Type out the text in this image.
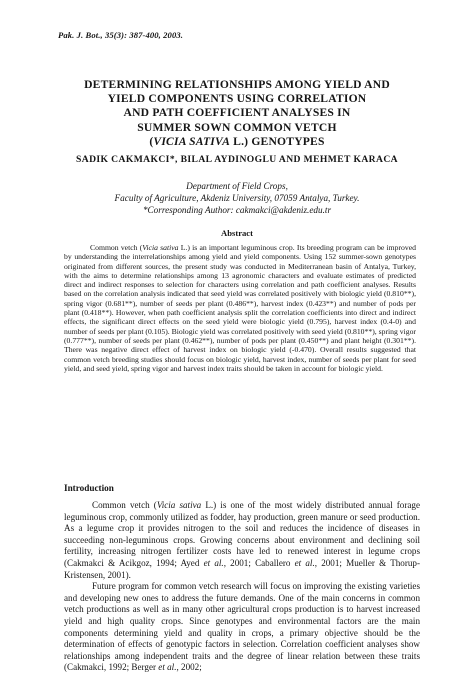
Pak. J. Bot., 35(3): 387-400, 2003.
DETERMINING RELATIONSHIPS AMONG YIELD AND
YIELD COMPONENTS USING CORRELATION
AND PATH COEFFICIENT ANALYSES IN
SUMMER SOWN COMMON VETCH
(VICIA SATIVA L.) GENOTYPES
SADIK CAKMAKCI*, BILAL AYDINOGLU AND MEHMET KARACA
Department of Field Crops,
Faculty of Agriculture, Akdeniz University, 07059 Antalya, Turkey.
*Corresponding Author: cakmakci@akdeniz.edu.tr
Abstract

Common vetch (Vicia sativa L.) is an important leguminous crop. Its breeding program can be improved by understanding the interrelationships among yield and yield components. Using 152 summer-sown genotypes originated from different sources, the present study was conducted in Mediterranean basin of Antalya, Turkey, with the aims to determine relationships among 13 agronomic characters and evaluate estimates of predicted direct and indirect responses to selection for characters using correlation and path coefficient analyses. Results based on the correlation analysis indicated that seed yield was correlated positively with biologic yield (0.810**), spring vigor (0.681**), number of seeds per plant (0.486**), harvest index (0.423**) and number of pods per plant (0.418**). However, when path coefficient analysis split the correlation coefficients into direct and indirect effects, the significant direct effects on the seed yield were biologic yield (0.795), harvest index (0.4‐0) and number of seeds per plant (0.105). Biologic yield was correlated positively with seed yield (0.810**), spring vigor (0.777**), number of seeds per plant (0.462**), number of pods per plant (0.450**) and plant height (0.301**). There was negative direct effect of harvest index on biologic yield (-0.470). Overall results suggested that common vetch breeding studies should focus on biologic yield, harvest index, number of seeds per plant for seed yield, and seed yield, spring vigor and harvest index traits should be taken in account for biologic yield.

Introduction

Common vetch (Vicia sativa L.) is one of the most widely distributed annual forage leguminous crop, commonly utilized as fodder, hay production, green manure or seed production. As a legume crop it provides nitrogen to the soil and reduces the incidence of diseases in succeeding non-leguminous crops. Growing concerns about environment and declining soil fertility, increasing nitrogen fertilizer costs have led to renewed interest in legume crops (Cakmakci & Acikgoz, 1994; Ayed et al., 2001; Caballero et al., 2001; Mueller & Thorup-Kristensen, 2001).

Future program for common vetch research will focus on improving the existing varieties and developing new ones to address the future demands. One of the main concerns in common vetch productions as well as in many other agricultural crops production is to harvest increased yield and high quality crops. Since genotypes and environmental factors are the main components determining yield and quality in crops, a primary objective should be the determination of effects of genotypic factors in selection. Correlation coefficient analyses show relationships among independent traits and the degree of linear relation between these traits (Cakmakci, 1992; Berger et al., 2002;
